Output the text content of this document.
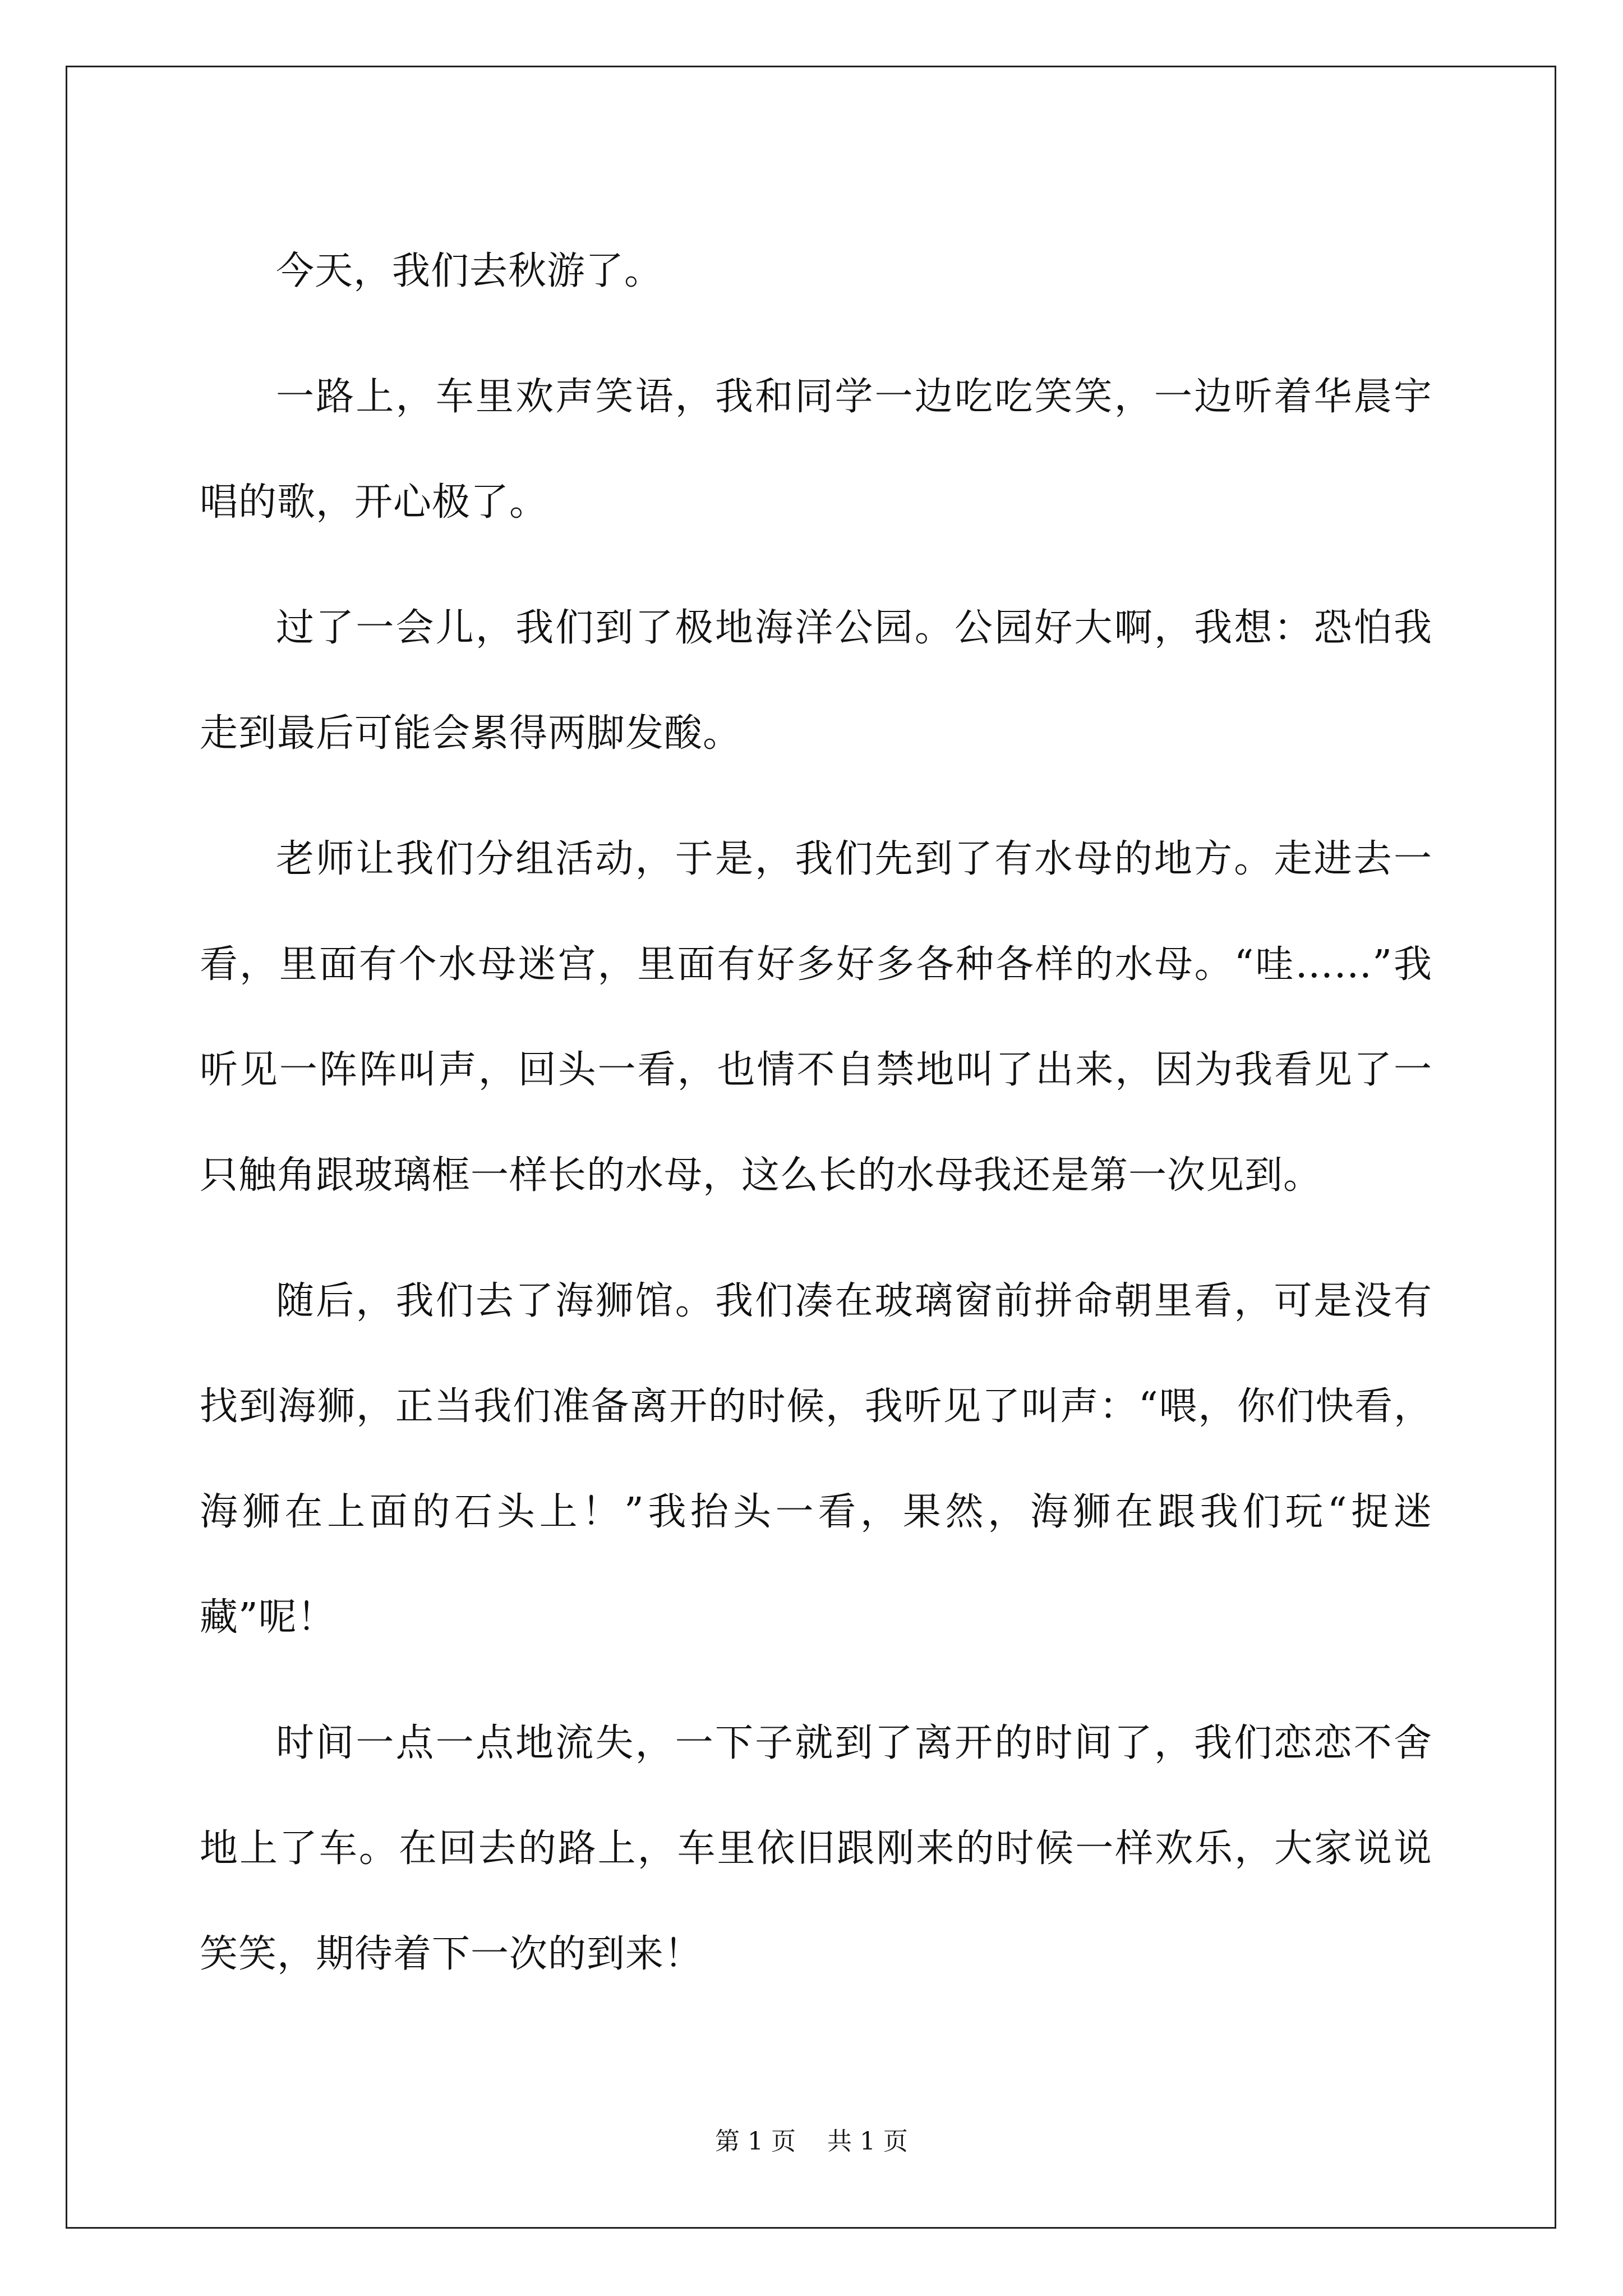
今天，我们去秋游了。

一路上，车里欢声笑语，我和同学一边吃吃笑笑，一边听着华晨宇唱的歌，开心极了。

过了一会儿，我们到了极地海洋公园。公园好大啊，我想：恐怕我走到最后可能会累得两脚发酸。

老师让我们分组活动，于是，我们先到了有水母的地方。走进去一看，里面有个水母迷宫，里面有好多好多各种各样的水母。“哇……”我听见一阵阵叫声，回头一看，也情不自禁地叫了出来，因为我看见了一只触角跟玻璃框一样长的水母，这么长的水母我还是第一次见到。

随后，我们去了海狮馆。我们凑在玻璃窗前拼命朝里看，可是没有找到海狮，正当我们准备离开的时候，我听见了叫声：“喂，你们快看，海狮在上面的石头上！”我抬头一看，果然，海狮在跟我们玩“捉迷藏”呢！

时间一点一点地流失，一下子就到了离开的时间了，我们恋恋不舍地上了车。在回去的路上，车里依旧跟刚来的时候一样欢乐，大家说说笑笑，期待着下一次的到来！

第 1 页    共 1 页
